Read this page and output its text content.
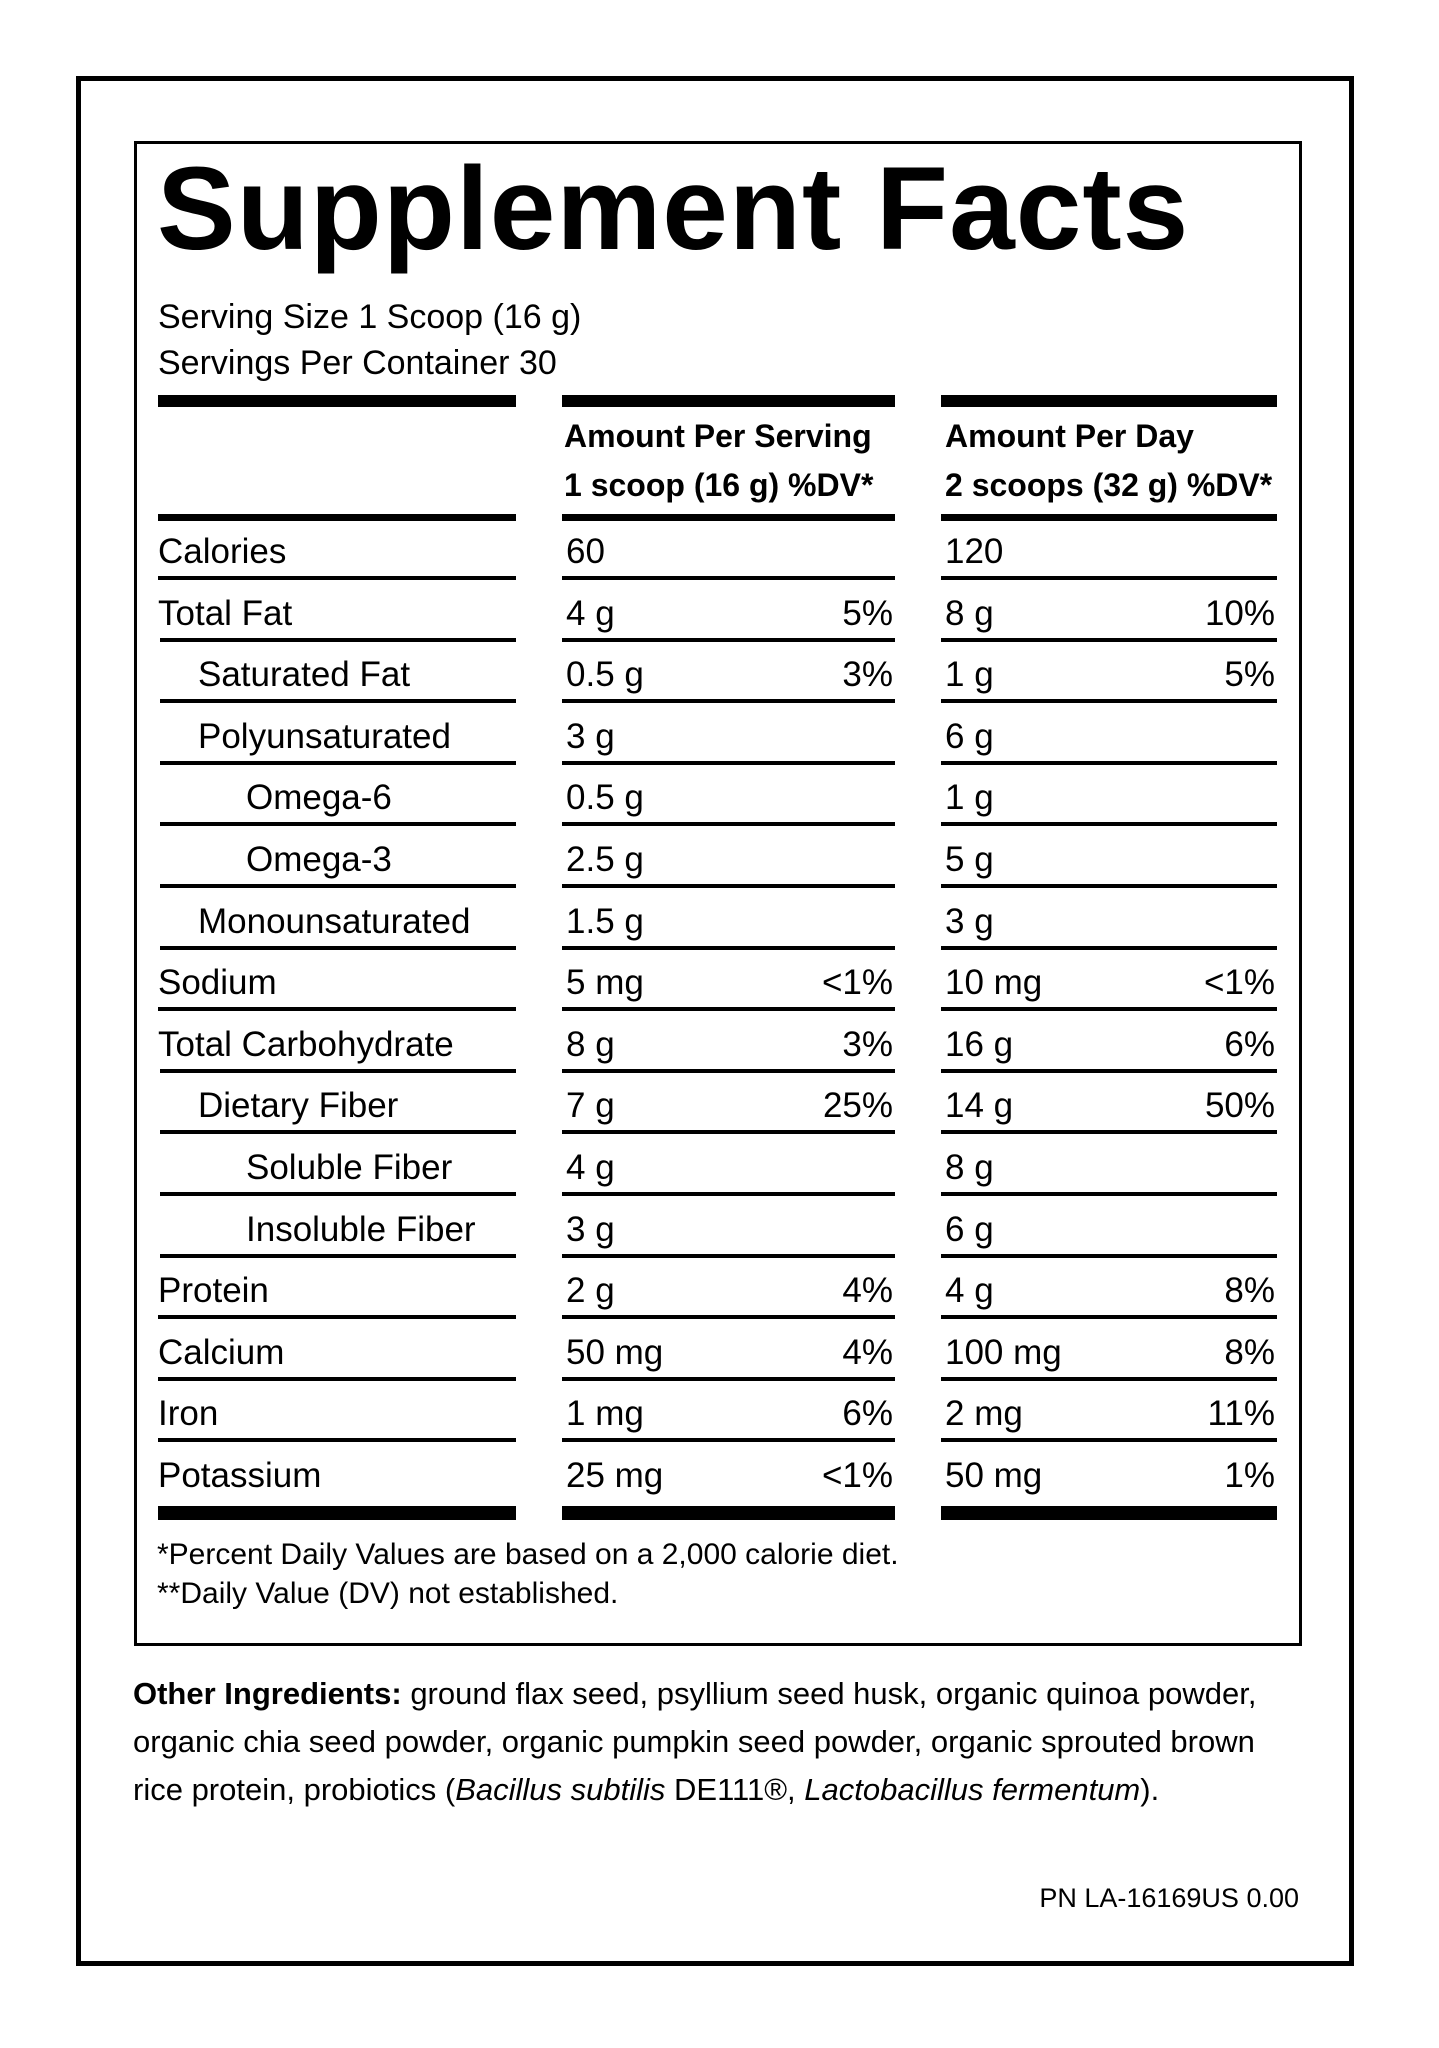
Supplement Facts
Serving Size 1 Scoop (16 g)
Servings Per Container 30
Amount Per Serving
1 scoop (16 g) %DV*
Amount Per Day
2 scoops (32 g) %DV*
Calories	60	120
Total Fat	4 g	5% 8 g	10%
Saturated Fat	0.5 g	3% 1 g	5%
Polyunsaturated	3 g	6 g
Omega-6	0.5 g	1 g
Omega-3	2.5 g	5 g
Monounsaturated	1.5 g	3 g
Sodium	5 mg	<1% 10 mg	<1%
Total Carbohydrate	8 g	3% 16 g	6%
Dietary Fiber	7 g	25% 14 g	50%
Soluble Fiber	4 g	8 g
Insoluble Fiber	3 g	6 g
Protein	2 g	4% 4 g	8%
Calcium	50 mg	4% 100 mg	8%
Iron	1 mg	6% 2 mg	11%
Potassium	25 mg	<1% 50 mg	1%
*Percent Daily Values are based on a 2,000 calorie diet.
**Daily Value (DV) not established.
Other Ingredients: ground flax seed, psyllium seed husk, organic quinoa powder, organic chia seed powder, organic pumpkin seed powder, organic sprouted brown rice protein, probiotics (Bacillus subtilis DE111®, Lactobacillus fermentum).
PN LA-16169US 0.00
